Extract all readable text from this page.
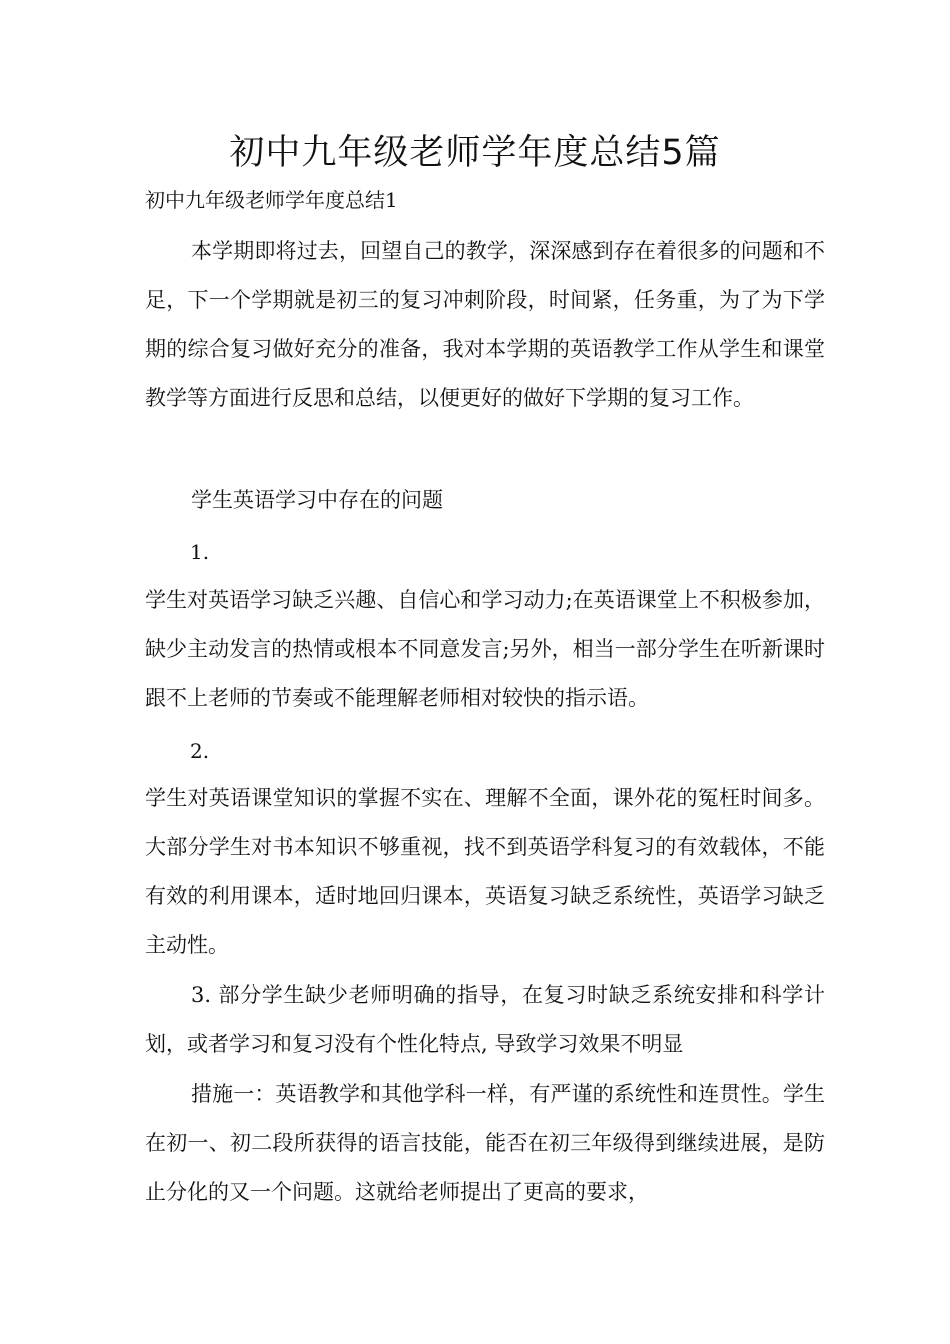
初中九年级老师学年度总结5篇

初中九年级老师学年度总结1

本学期即将过去，回望自己的教学，深深感到存在着很多的问题和不足，下一个学期就是初三的复习冲刺阶段，时间紧，任务重，为了为下学期的综合复习做好充分的准备，我对本学期的英语教学工作从学生和课堂教学等方面进行反思和总结，以便更好的做好下学期的复习工作。

学生英语学习中存在的问题

1.

学生对英语学习缺乏兴趣、自信心和学习动力;在英语课堂上不积极参加，缺少主动发言的热情或根本不同意发言;另外，相当一部分学生在听新课时跟不上老师的节奏或不能理解老师相对较快的指示语。

2.

学生对英语课堂知识的掌握不实在、理解不全面，课外花的冤枉时间多。大部分学生对书本知识不够重视，找不到英语学科复习的有效载体，不能有效的利用课本，适时地回归课本，英语复习缺乏系统性，英语学习缺乏主动性。

3. 部分学生缺少老师明确的指导，在复习时缺乏系统安排和科学计划，或者学习和复习没有个性化特点, 导致学习效果不明显

措施一：英语教学和其他学科一样，有严谨的系统性和连贯性。学生在初一、初二段所获得的语言技能，能否在初三年级得到继续进展，是防止分化的又一个问题。这就给老师提出了更高的要求，
